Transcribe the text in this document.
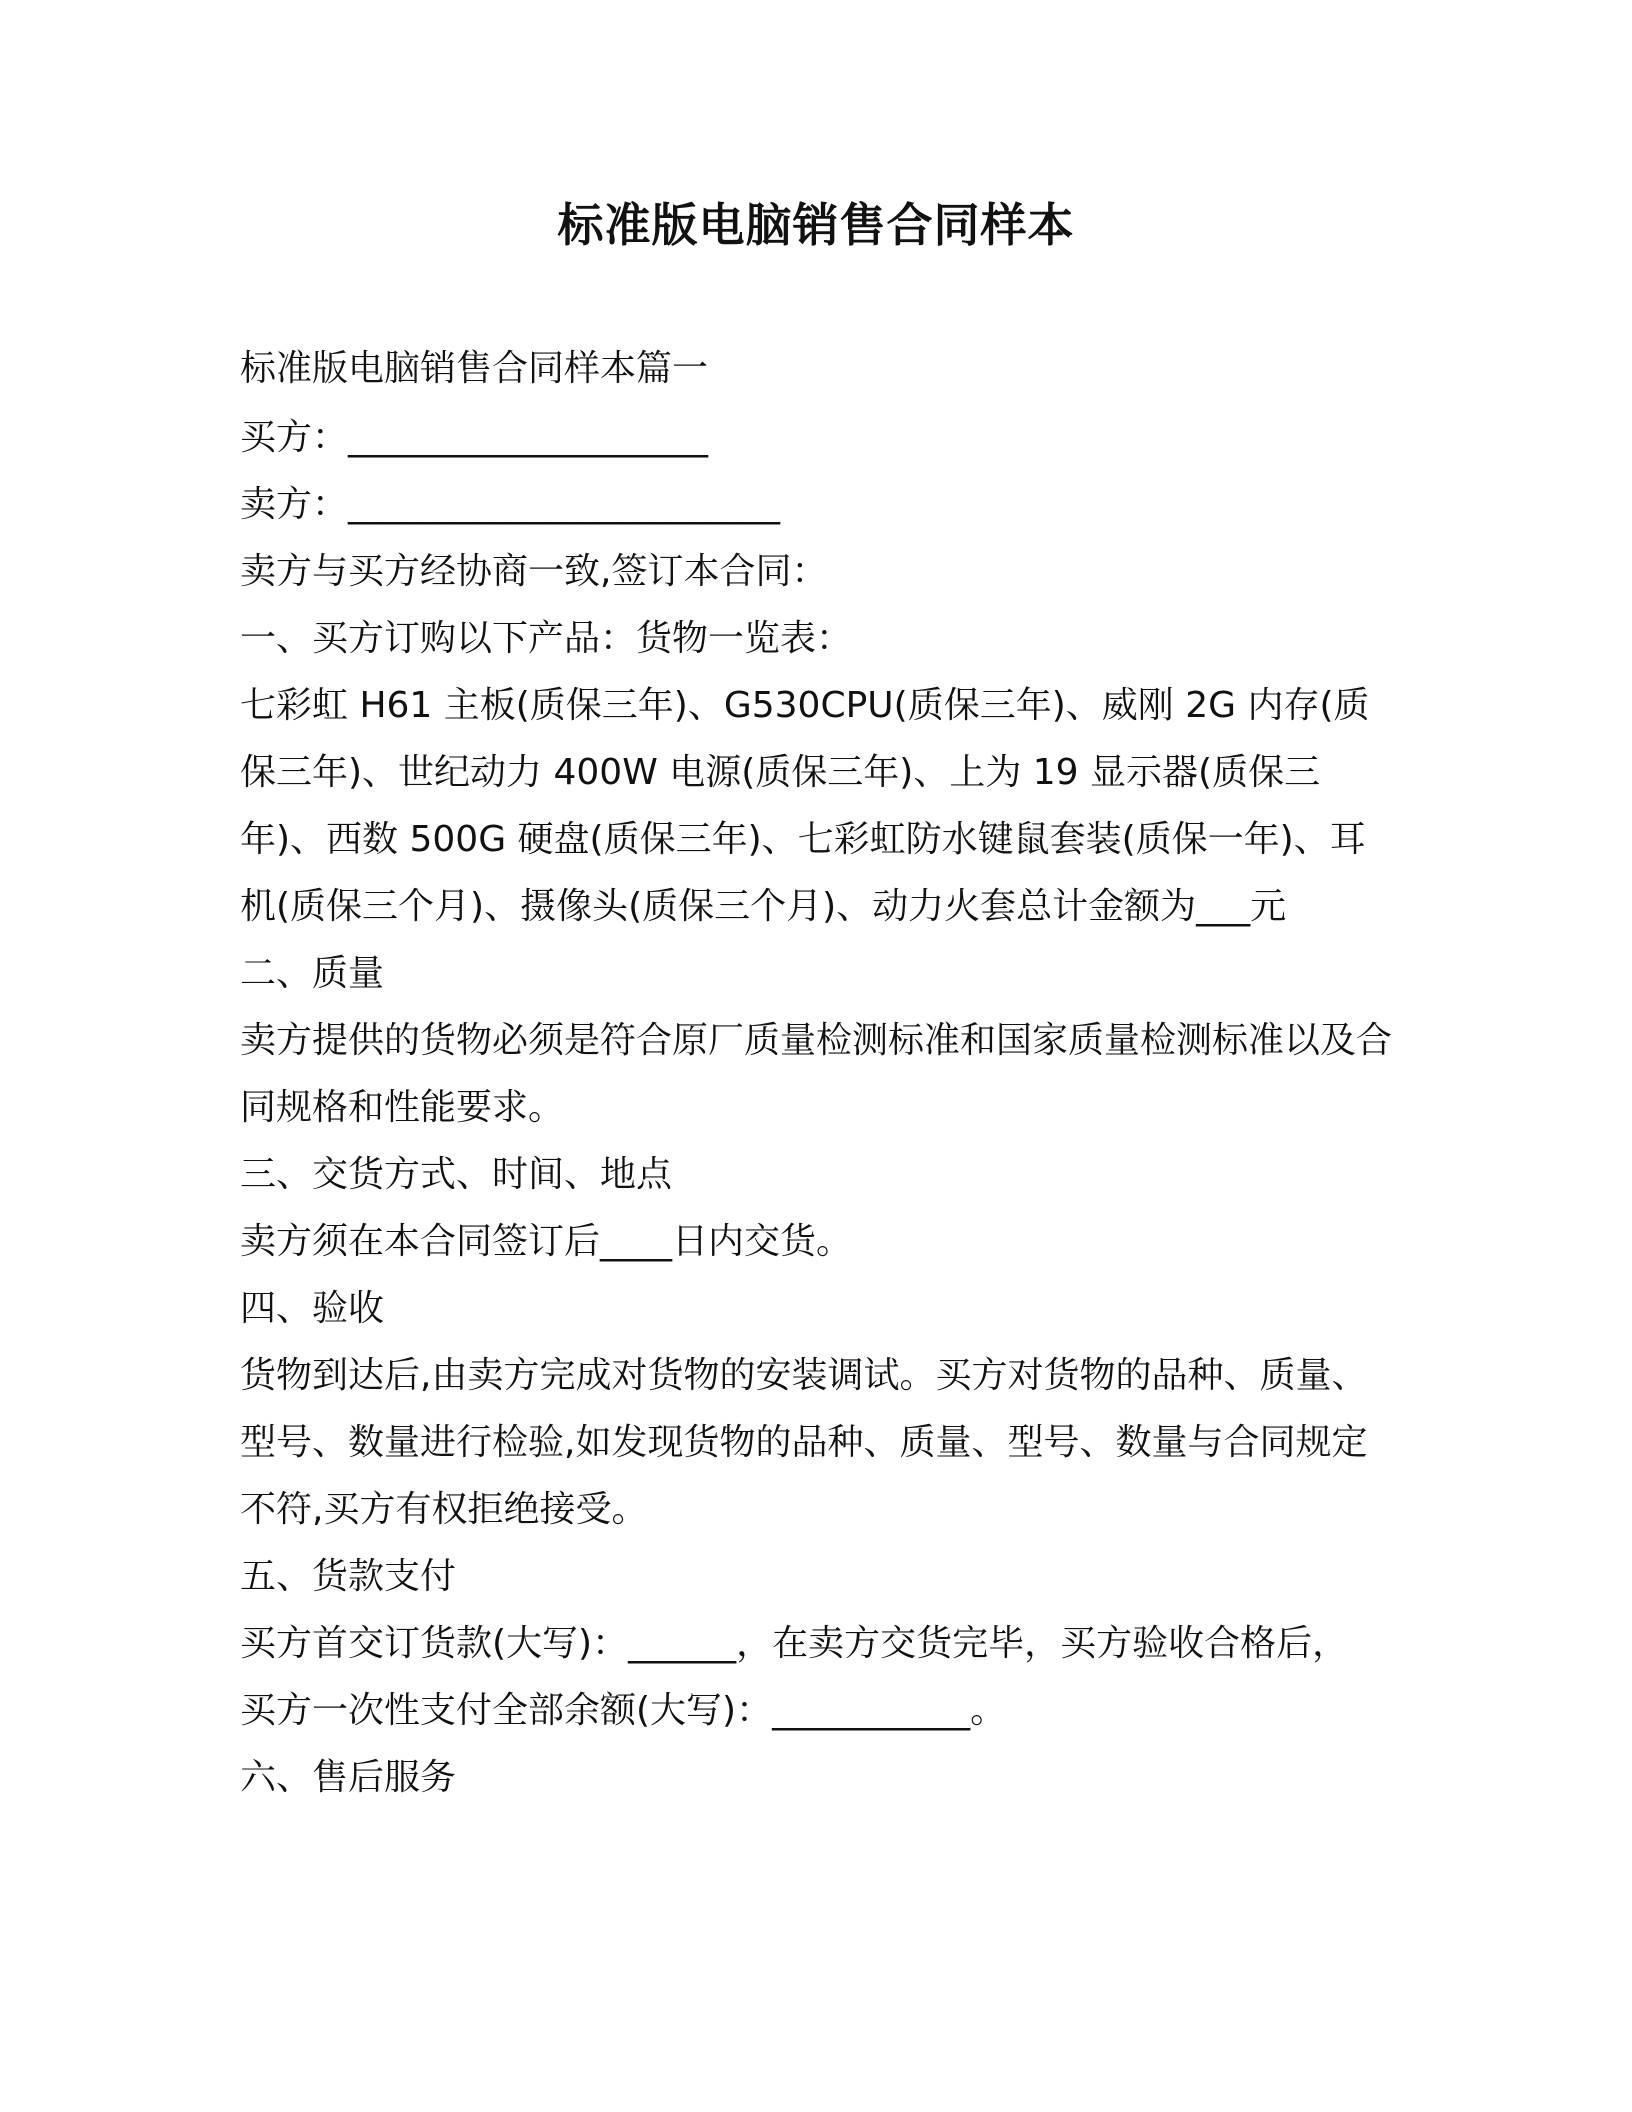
标准版电脑销售合同样本

标准版电脑销售合同样本篇一

买方：____________________

卖方：________________________

卖方与买方经协商一致,签订本合同：

一、买方订购以下产品：货物一览表：

七彩虹 H61 主板(质保三年)、G530CPU(质保三年)、威刚 2G 内存(质保三年)、世纪动力 400W 电源(质保三年)、上为 19 显示器(质保三年)、西数 500G 硬盘(质保三年)、七彩虹防水键鼠套装(质保一年)、耳机(质保三个月)、摄像头(质保三个月)、动力火套总计金额为___元

二、质量

卖方提供的货物必须是符合原厂质量检测标准和国家质量检测标准以及合同规格和性能要求。

三、交货方式、时间、地点

卖方须在本合同签订后____日内交货。

四、验收

货物到达后,由卖方完成对货物的安装调试。买方对货物的品种、质量、型号、数量进行检验,如发现货物的品种、质量、型号、数量与合同规定不符,买方有权拒绝接受。

五、货款支付

买方首交订货款(大写)：______，在卖方交货完毕，买方验收合格后，

买方一次性支付全部余额(大写)：___________。

六、售后服务
